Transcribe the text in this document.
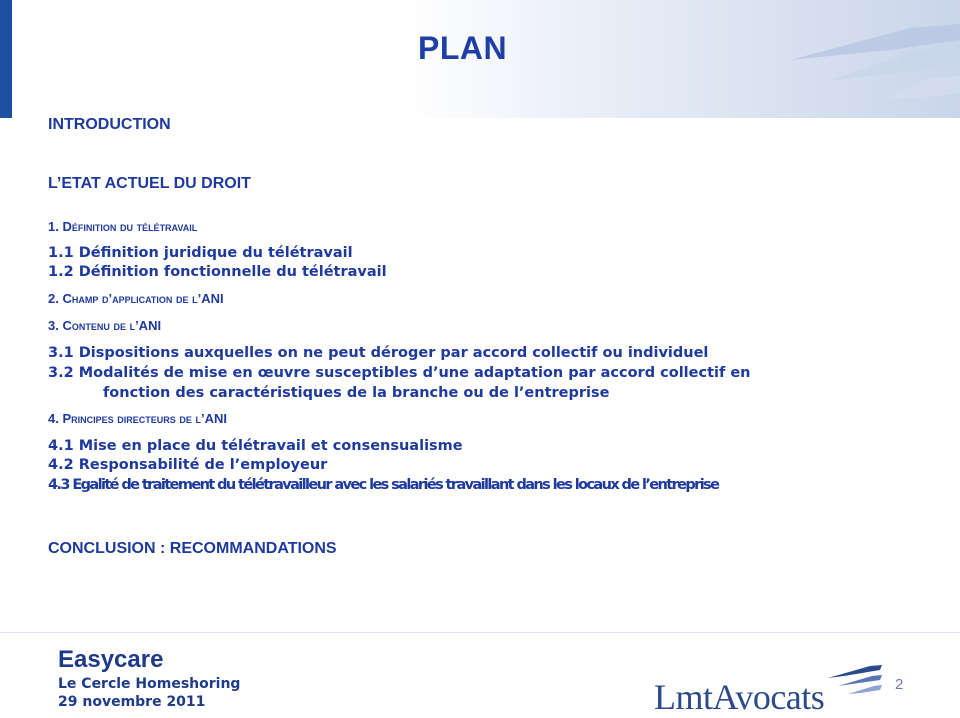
PLAN
INTRODUCTION
L’ETAT ACTUEL DU DROIT
1. Définition du télétravail
1.1 Définition juridique du télétravail
1.2 Définition fonctionnelle du télétravail
2. Champ d’application de l’ANI
3. Contenu de l’ANI
3.1 Dispositions auxquelles on ne peut déroger par accord collectif ou individuel
3.2 Modalités de mise en œuvre susceptibles d’une adaptation par accord collectif en
fonction des caractéristiques de la branche ou de l’entreprise
4. Principes directeurs de l’ANI
4.1 Mise en place du télétravail et consensualisme
4.2 Responsabilité de l’employeur
4.3 Egalité de traitement du télétravailleur avec les salariés travaillant dans les locaux de l’entreprise
CONCLUSION : RECOMMANDATIONS
Easycare
Le Cercle Homeshoring
29 novembre 2011	LmtAvocats	2
